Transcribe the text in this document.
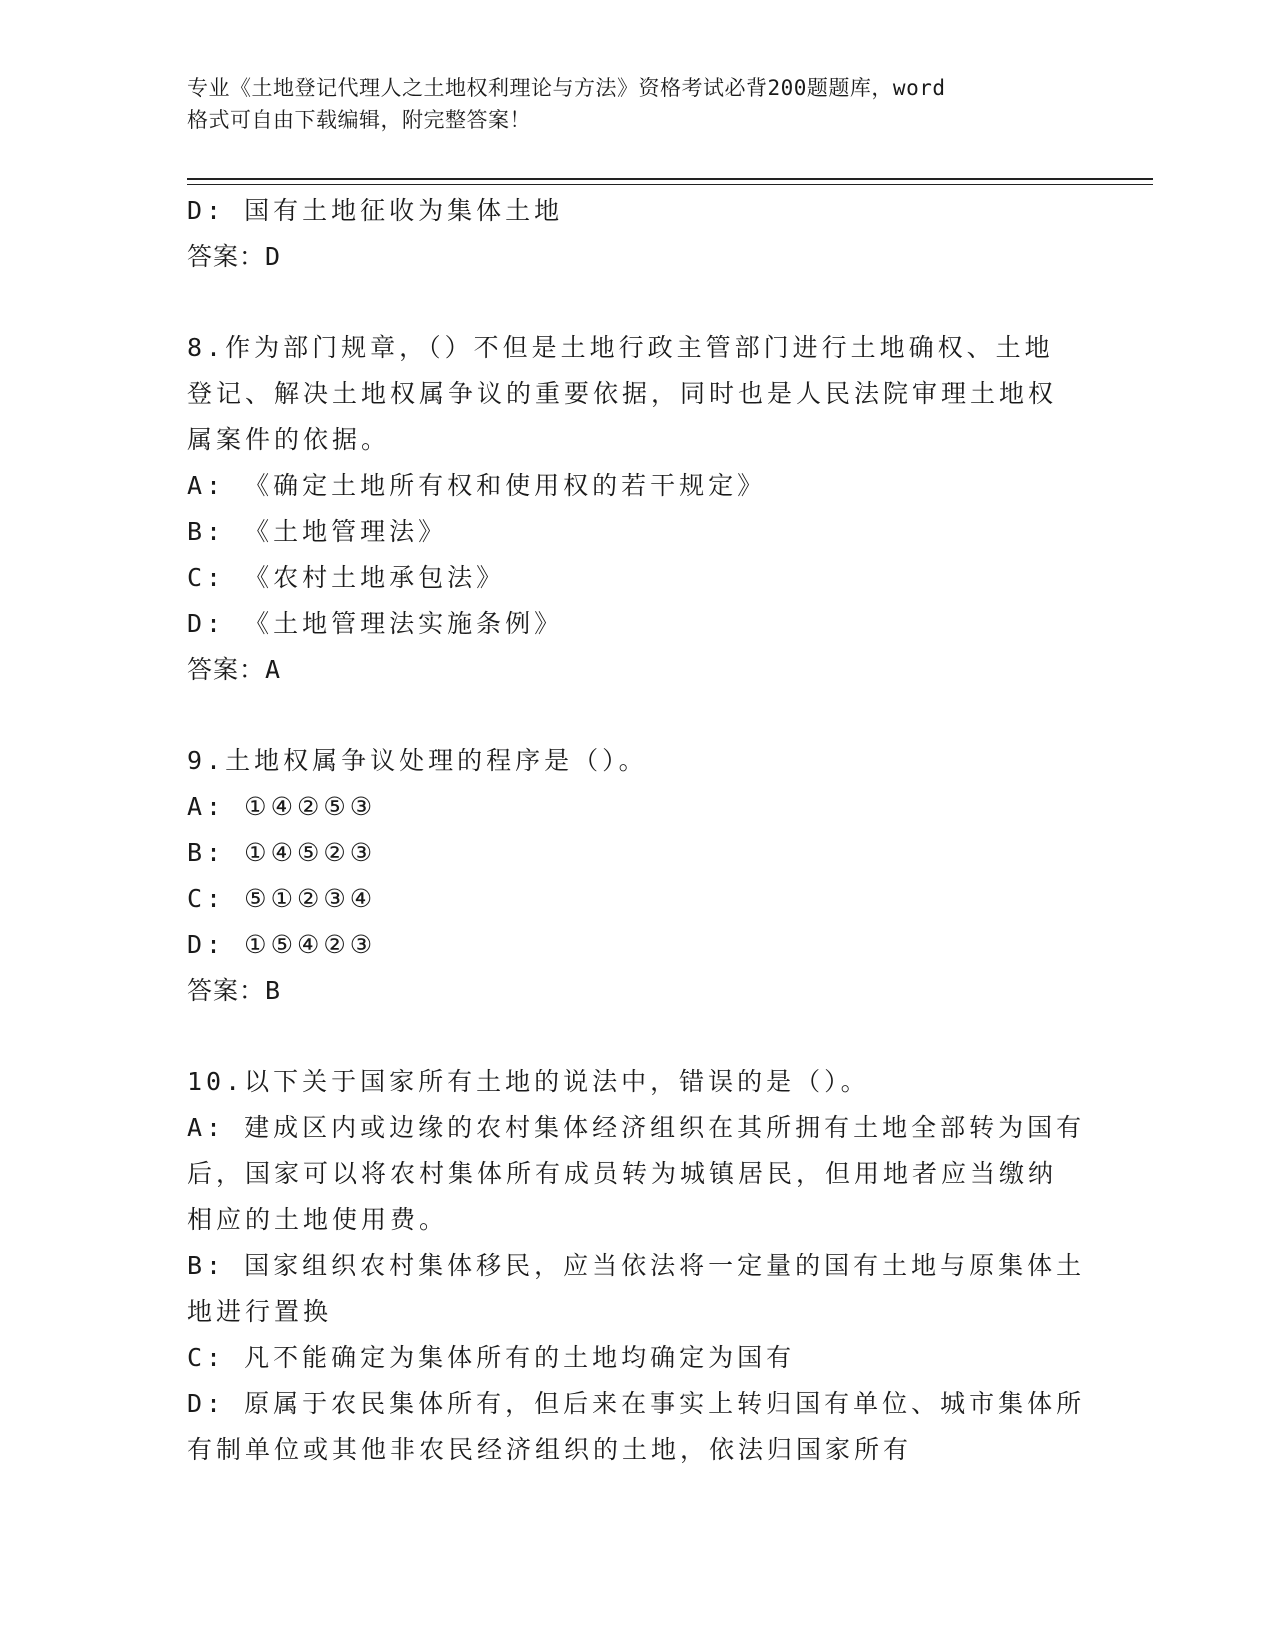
专业《土地登记代理人之土地权利理论与方法》资格考试必背200题题库，word
格式可自由下载编辑，附完整答案！
D: 国有土地征收为集体土地
答案：D
8.作为部门规章，（）不但是土地行政主管部门进行土地确权、土地
登记、解决土地权属争议的重要依据，同时也是人民法院审理土地权
属案件的依据。
A: 《确定土地所有权和使用权的若干规定》
B: 《土地管理法》
C: 《农村土地承包法》
D: 《土地管理法实施条例》
答案：A
9.土地权属争议处理的程序是（）。
A: ①④②⑤③
B: ①④⑤②③
C: ⑤①②③④
D: ①⑤④②③
答案：B
10.以下关于国家所有土地的说法中，错误的是（）。
A: 建成区内或边缘的农村集体经济组织在其所拥有土地全部转为国有
后，国家可以将农村集体所有成员转为城镇居民，但用地者应当缴纳
相应的土地使用费。
B: 国家组织农村集体移民，应当依法将一定量的国有土地与原集体土
地进行置换
C: 凡不能确定为集体所有的土地均确定为国有
D: 原属于农民集体所有，但后来在事实上转归国有单位、城市集体所
有制单位或其他非农民经济组织的土地，依法归国家所有
